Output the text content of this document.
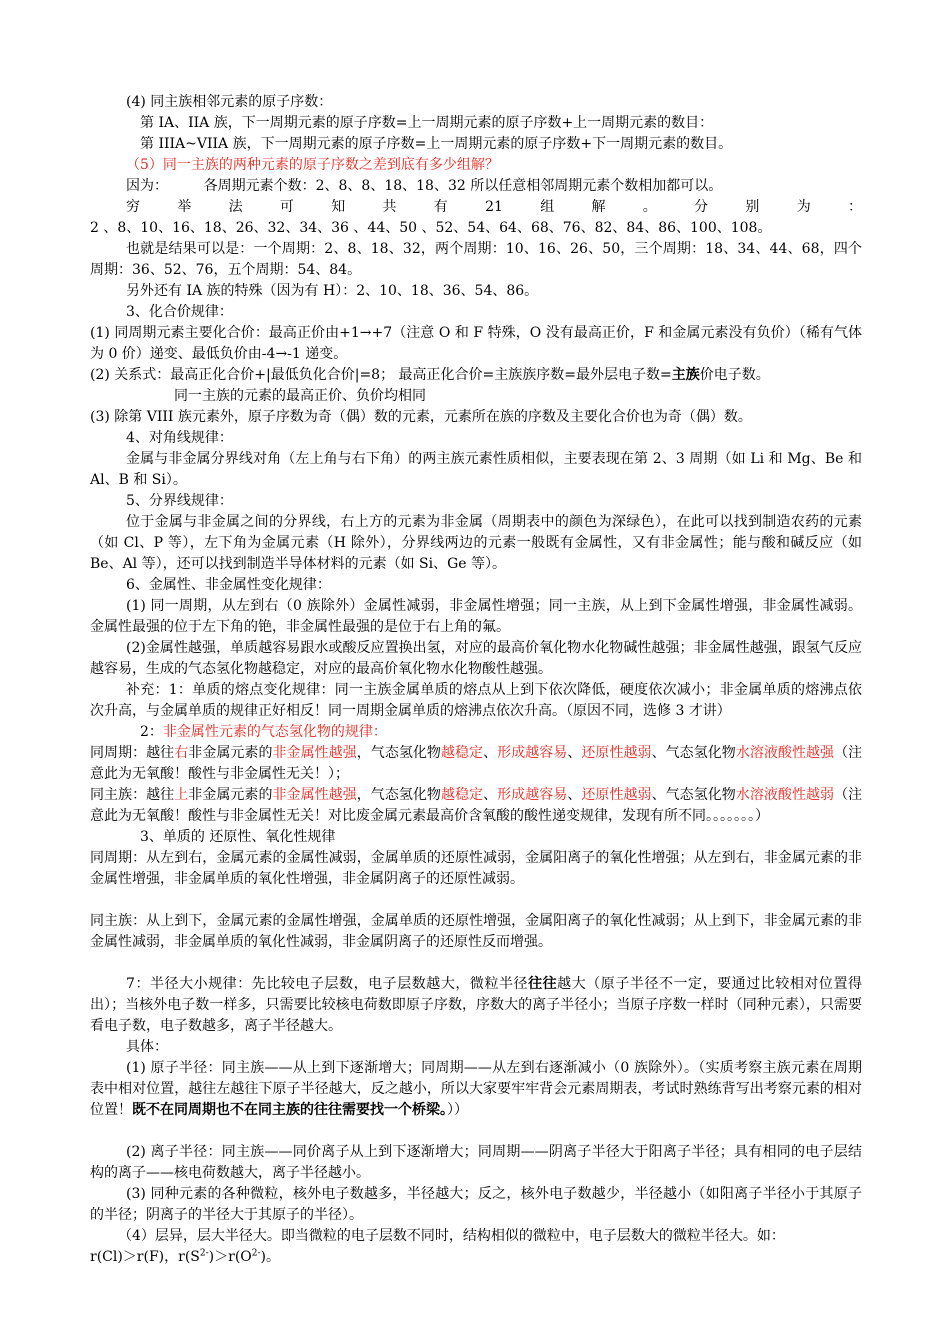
(4) 同主族相邻元素的原子序数：

第 IA、IIA 族，下一周期元素的原子序数=上一周期元素的原子序数+上一周期元素的数目：

第 IIIA~VIIA 族，下一周期元素的原子序数=上一周期元素的原子序数+下一周期元素的数目。

（5）同一主族的两种元素的原子序数之差到底有多少组解？

因为：        各周期元素个数：2、8、8、18、18、32 所以任意相邻周期元素个数相加都可以。

穷	举	法	可	知	共	有	21	组	解	。	分	别	为	：

2 、8、10、16、18、26、32、34、36 、44、50 、52、54、64、68、76、82、84、86、100、108。

也就是结果可以是：一个周期：2、8、18、32，两个周期：10、16、26、50，三个周期：18、34、44、68，四个周期：36、52、76，五个周期：54、84。

另外还有 IA 族的特殊（因为有 H）：2、10、18、36、54、86。

3、化合价规律：

(1) 同周期元素主要化合价：最高正价由+1→+7（注意 O 和 F 特殊，O 没有最高正价，F 和金属元素没有负价）（稀有气体为 0 价）递变、最低负价由-4→-1 递变。

(2) 关系式：最高正化合价+|最低负化合价|=8； 最高正化合价=主族族序数=最外层电子数=主族价电子数。

同一主族的元素的最高正价、负价均相同

(3) 除第 VIII 族元素外，原子序数为奇（偶）数的元素，元素所在族的序数及主要化合价也为奇（偶）数。

4、对角线规律：

金属与非金属分界线对角（左上角与右下角）的两主族元素性质相似，主要表现在第 2、3 周期（如 Li 和 Mg、Be 和 Al、B 和 Si）。

5、分界线规律：

位于金属与非金属之间的分界线，右上方的元素为非金属（周期表中的颜色为深绿色），在此可以找到制造农药的元素（如 Cl、P 等），左下角为金属元素（H 除外），分界线两边的元素一般既有金属性，又有非金属性；能与酸和碱反应（如 Be、Al 等），还可以找到制造半导体材料的元素（如 Si、Ge 等）。

6、金属性、非金属性变化规律：

(1) 同一周期，从左到右（0 族除外）金属性减弱，非金属性增强；同一主族，从上到下金属性增强，非金属性减弱。金属性最强的位于左下角的铯，非金属性最强的是位于右上角的氟。

(2)金属性越强，单质越容易跟水或酸反应置换出氢，对应的最高价氧化物水化物碱性越强；非金属性越强，跟氢气反应越容易，生成的气态氢化物越稳定，对应的最高价氧化物水化物酸性越强。

补充：1：单质的熔点变化规律：同一主族金属单质的熔点从上到下依次降低，硬度依次减小；非金属单质的熔沸点依次升高，与金属单质的规律正好相反！同一周期金属单质的熔沸点依次升高。（原因不同，选修 3 才讲）

2：非金属性元素的气态氢化物的规律：

同周期：越往右非金属元素的非金属性越强，气态氢化物越稳定、形成越容易、还原性越弱、气态氢化物水溶液酸性越强（注意此为无氧酸！酸性与非金属性无关！）；

同主族：越往上非金属元素的非金属性越强，气态氢化物越稳定、形成越容易、还原性越弱、气态氢化物水溶液酸性越弱（注意此为无氧酸！酸性与非金属性无关！对比废金属元素最高价含氧酸的酸性递变规律，发现有所不同。。。。。。。）

3、单质的 还原性、氧化性规律

同周期：从左到右，金属元素的金属性减弱，金属单质的还原性减弱，金属阳离子的氧化性增强；从左到右，非金属元素的非金属性增强，非金属单质的氧化性增强，非金属阴离子的还原性减弱。

同主族：从上到下，金属元素的金属性增强，金属单质的还原性增强，金属阳离子的氧化性减弱；从上到下，非金属元素的非金属性减弱，非金属单质的氧化性减弱，非金属阴离子的还原性反而增强。

7：半径大小规律：先比较电子层数，电子层数越大，微粒半径往往越大（原子半径不一定，要通过比较相对位置得出）；当核外电子数一样多，只需要比较核电荷数即原子序数，序数大的离子半径小；当原子序数一样时（同种元素），只需要看电子数，电子数越多，离子半径越大。

具体：

(1) 原子半径：同主族——从上到下逐渐增大；同周期——从左到右逐渐减小（0 族除外）。（实质考察主族元素在周期表中相对位置，越往左越往下原子半径越大，反之越小，所以大家要牢牢背会元素周期表，考试时熟练背写出考察元素的相对位置！既不在同周期也不在同主族的往往需要找一个桥梁。））

(2) 离子半径：同主族——同价离子从上到下逐渐增大；同周期——阴离子半径大于阳离子半径；具有相同的电子层结构的离子——核电荷数越大，离子半径越小。

(3) 同种元素的各种微粒，核外电子数越多，半径越大；反之，核外电子数越少，半径越小（如阳离子半径小于其原子的半径；阴离子的半径大于其原子的半径）。

（4）层异，层大半径大。即当微粒的电子层数不同时，结构相似的微粒中，电子层数大的微粒半径大。如：

r(Cl)＞r(F)，$r(S^{2-})>r(O^{2-})$。
